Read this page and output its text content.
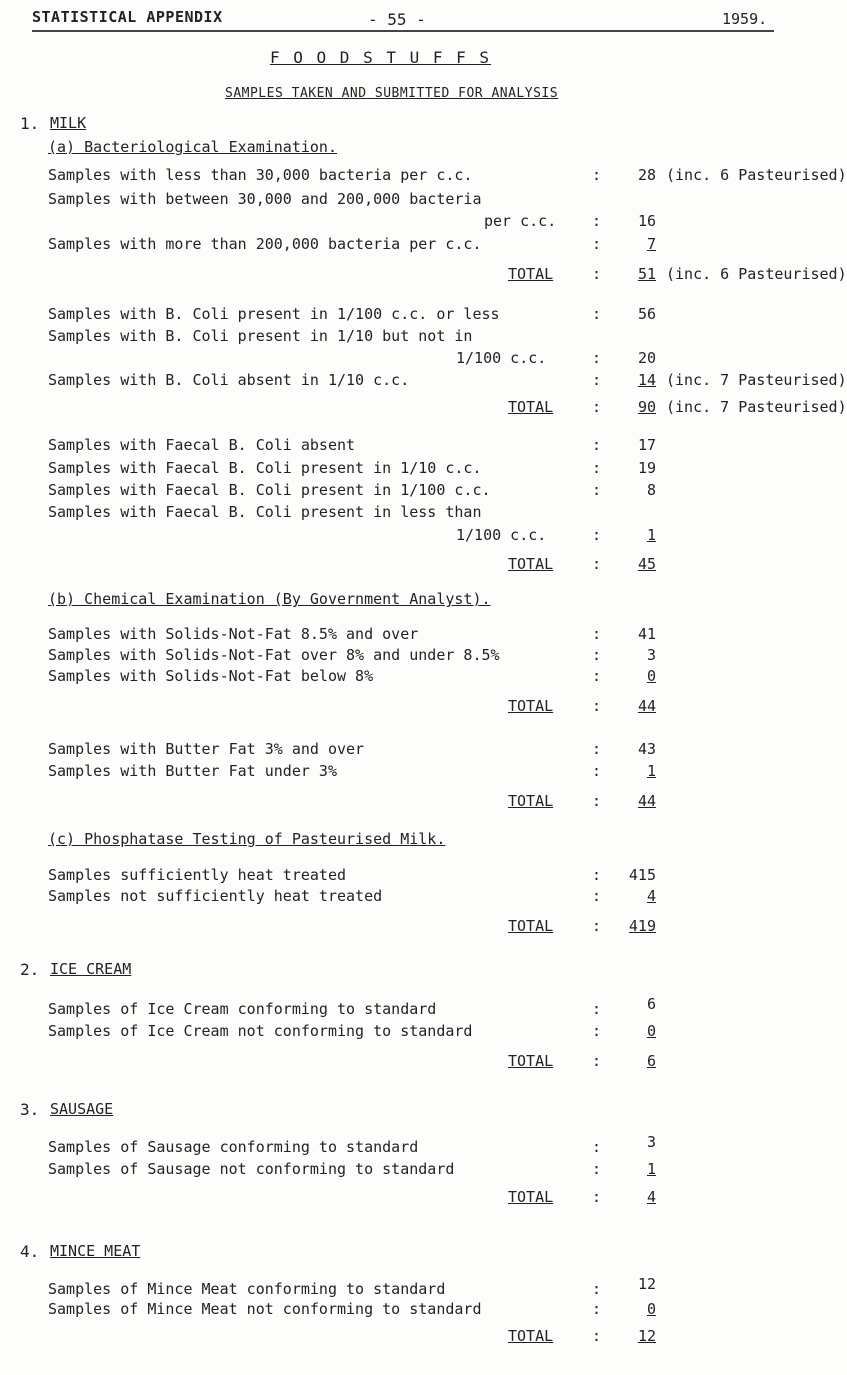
STATISTICAL APPENDIX	- 55 -	1959.
F O O D S T U F F S
SAMPLES TAKEN AND SUBMITTED FOR ANALYSIS
1. MILK
(a) Bacteriological Examination.
Samples with less than 30,000 bacteria per c.c.	:	28 (inc. 6 Pasteurised)
Samples with between 30,000 and 200,000 bacteria
per c.c. :	16
Samples with more than 200,000 bacteria per c.c.	:	7
TOTAL	:	51 (inc. 6 Pasteurised)
Samples with B. Coli present in 1/100 c.c. or less	:	56
Samples with B. Coli present in 1/10 but not in
1/100 c.c.	:	20
Samples with B. Coli absent in 1/10 c.c.	:	14 (inc. 7 Pasteurised)
TOTAL	:	90 (inc. 7 Pasteurised)
Samples with Faecal B. Coli absent	:	17
Samples with Faecal B. Coli present in 1/10 c.c.	:	19
Samples with Faecal B. Coli present in 1/100 c.c.	:	8
Samples with Faecal B. Coli present in less than
1/100 c.c.	:	1
TOTAL	:	45
(b) Chemical Examination (By Government Analyst).
Samples with Solids-Not-Fat 8.5% and over	:	41
Samples with Solids-Not-Fat over 8% and under 8.5%	:	3
Samples with Solids-Not-Fat below 8%	:	0
TOTAL	:	44
Samples with Butter Fat 3% and over	:	43
Samples with Butter Fat under 3%	:	1
TOTAL	:	44
(c) Phosphatase Testing of Pasteurised Milk.
Samples sufficiently heat treated	:	415
Samples not sufficiently heat treated	:	4
TOTAL	:	419
2. ICE CREAM
Samples of Ice Cream conforming to standard	:	6
Samples of Ice Cream not conforming to standard	:	0
TOTAL	:	6
3. SAUSAGE
Samples of Sausage conforming to standard	:	3
Samples of Sausage not conforming to standard	:	1
TOTAL	:	4
4. MINCE MEAT
Samples of Mince Meat conforming to standard	:	12
Samples of Mince Meat not conforming to standard	:	0
TOTAL	:	12
